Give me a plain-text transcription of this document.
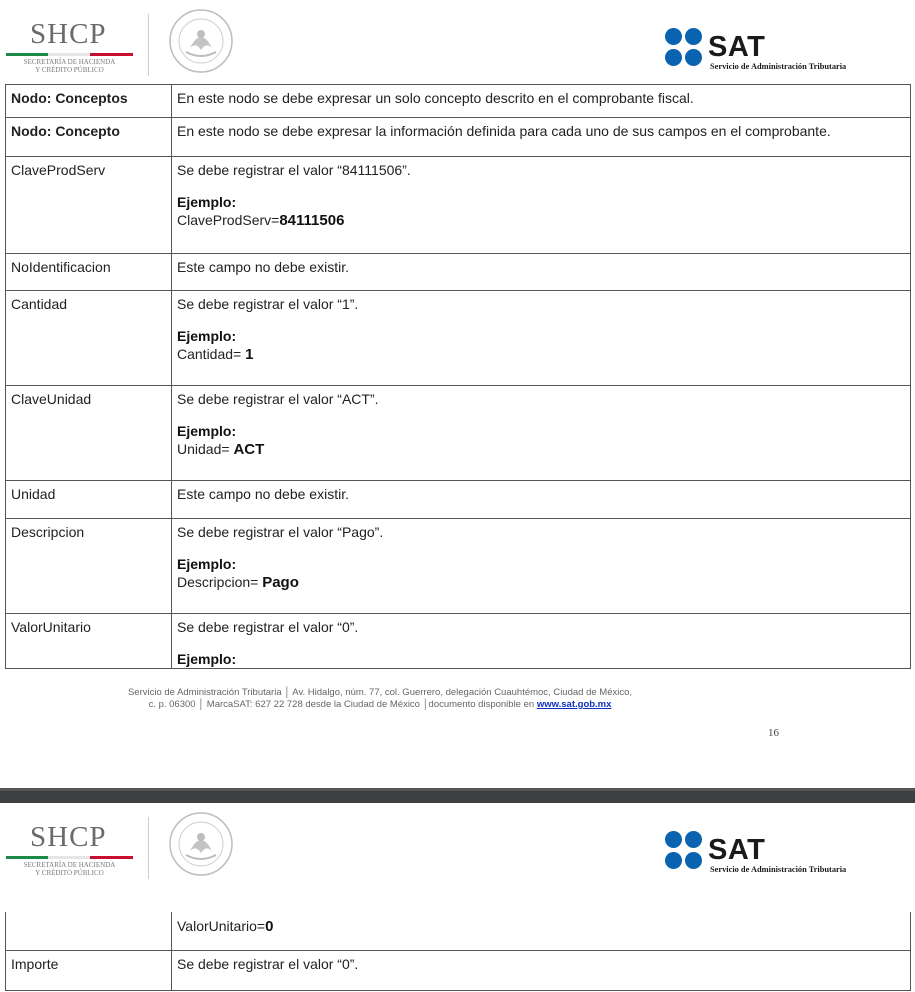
SHCP
SECRETARÍA DE HACIENDA
Y CRÉDITO PÚBLICO
SAT
Servicio de Administración Tributaria
Nodo: Conceptos	En este nodo se debe expresar un solo concepto descrito en el comprobante fiscal.
Nodo: Concepto	En este nodo se debe expresar la información definida para cada uno de sus campos en el comprobante.
ClaveProdServ	Se debe registrar el valor “84111506”.
Ejemplo:
ClaveProdServ=84111506

NoIdentificacion	Este campo no debe existir.
Cantidad	Se debe registrar el valor “1”.
Ejemplo:
Cantidad= 1

ClaveUnidad	Se debe registrar el valor “ACT”.
Ejemplo:
Unidad= ACT

Unidad	Este campo no debe existir.
Descripcion	Se debe registrar el valor “Pago”.
Ejemplo:
Descripcion= Pago

ValorUnitario	Se debe registrar el valor “0”.
Ejemplo:
Servicio de Administración Tributaria │ Av. Hidalgo, núm. 77, col. Guerrero, delegación Cuauhtémoc, Ciudad de México,
c. p. 06300 │ MarcaSAT: 627 22 728 desde la Ciudad de México │documento disponible en www.sat.gob.mx
16
SHCP
SECRETARÍA DE HACIENDA
Y CRÉDITO PÚBLICO
SAT
Servicio de Administración Tributaria

	ValorUnitario=0

Importe	Se debe registrar el valor “0”.
